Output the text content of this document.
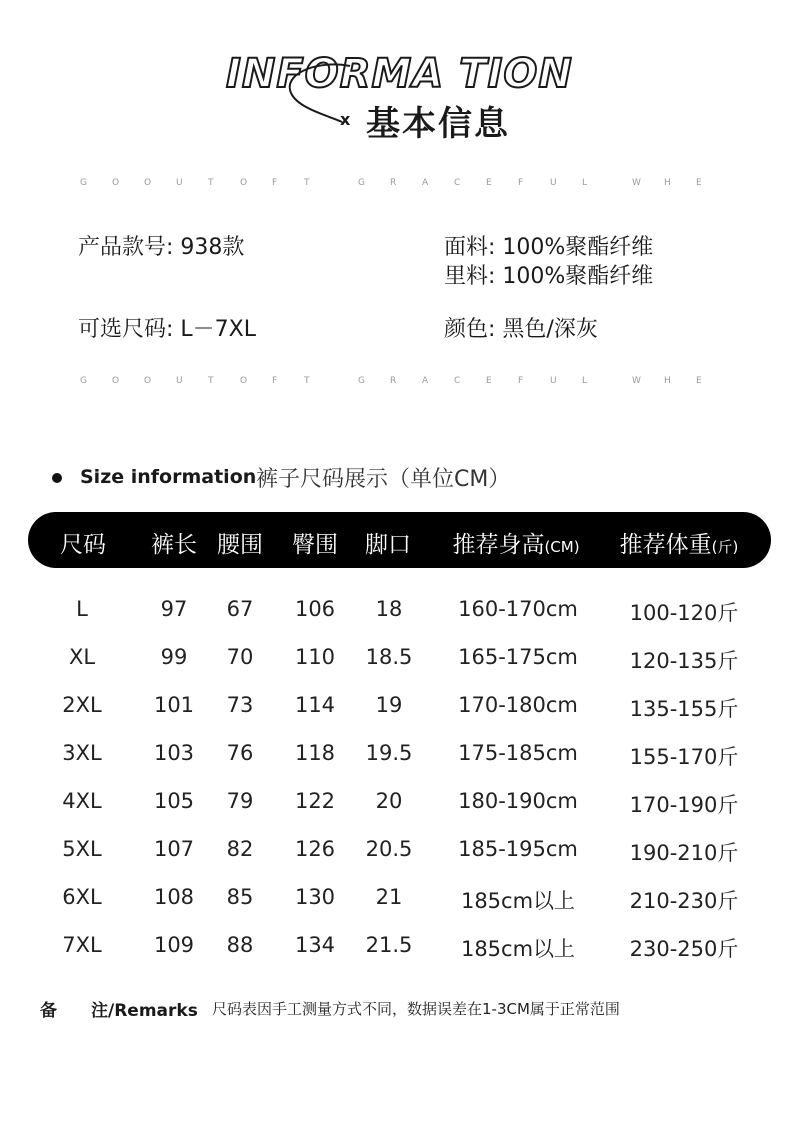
INFORMA TION
x 基本信息
G	O	O	U	T	O	F	T	G	R	A	C	E	F	U	L	W	H	E
产品款号: 938款	面料: 100%聚酯纤维
里料: 100%聚酯纤维
可选尺码: L－7XL	颜色: 黑色/深灰
G	O	O	U	T	O	F	T	G	R	A	C	E	F	U	L	W	H	E
Size information 裤子尺码展示（单位CM）
尺码	裤长 腰围	臀围	脚口	推荐身高(CM)	推荐体重(斤)
L	97	67	106	18	160-170cm	100-120斤
XL	99	70	110	18.5	165-175cm	120-135斤
2XL	101	73	114	19	170-180cm	135-155斤
3XL	103	76	118	19.5	175-185cm	155-170斤
4XL	105	79	122	20	180-190cm	170-190斤
5XL	107	82	126	20.5	185-195cm	190-210斤
6XL	108	85	130	21	185cm以上	210-230斤
7XL	109	88	134	21.5	185cm以上	230-250斤
备　　注/Remarks 尺码表因手工测量方式不同，数据误差在1-3CM属于正常范围
